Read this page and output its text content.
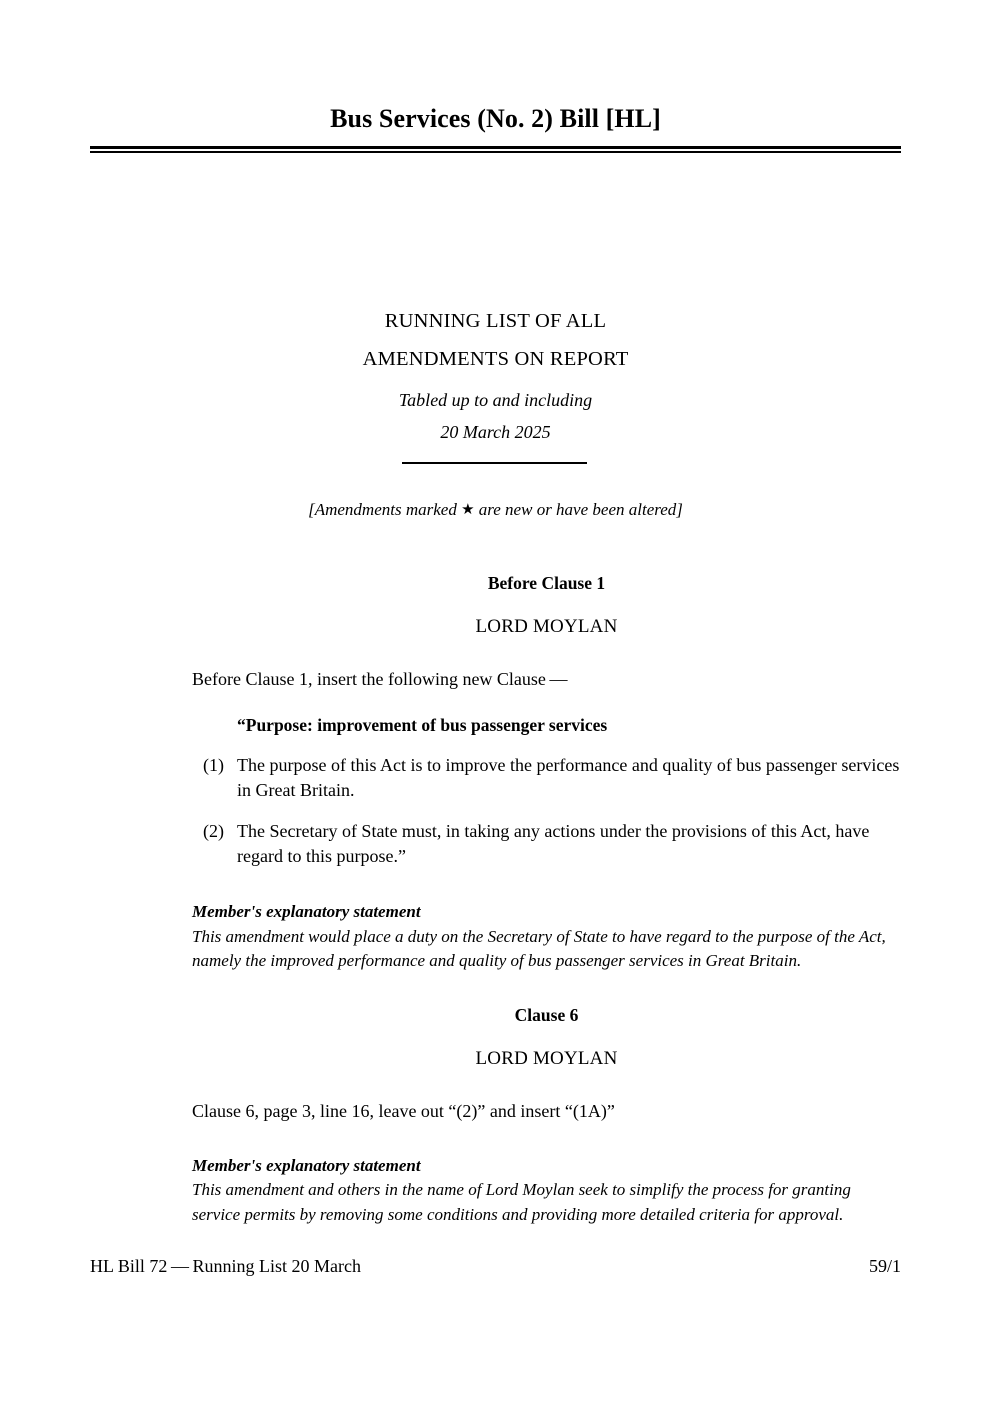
Bus Services (No. 2) Bill [HL]
RUNNING LIST OF ALL
AMENDMENTS ON REPORT
Tabled up to and including
20 March 2025
[Amendments marked ★ are new or have been altered]
Before Clause 1
LORD MOYLAN
Before Clause 1, insert the following new Clause —
“Purpose: improvement of bus passenger services
(1) The purpose of this Act is to improve the performance and quality of bus passenger services in Great Britain.
(2) The Secretary of State must, in taking any actions under the provisions of this Act, have regard to this purpose.”
Member's explanatory statement
This amendment would place a duty on the Secretary of State to have regard to the purpose of the Act, namely the improved performance and quality of bus passenger services in Great Britain.
Clause 6
LORD MOYLAN
Clause 6, page 3, line 16, leave out “(2)” and insert “(1A)”
Member's explanatory statement
This amendment and others in the name of Lord Moylan seek to simplify the process for granting service permits by removing some conditions and providing more detailed criteria for approval.
HL Bill 72 — Running List 20 March	59/1
